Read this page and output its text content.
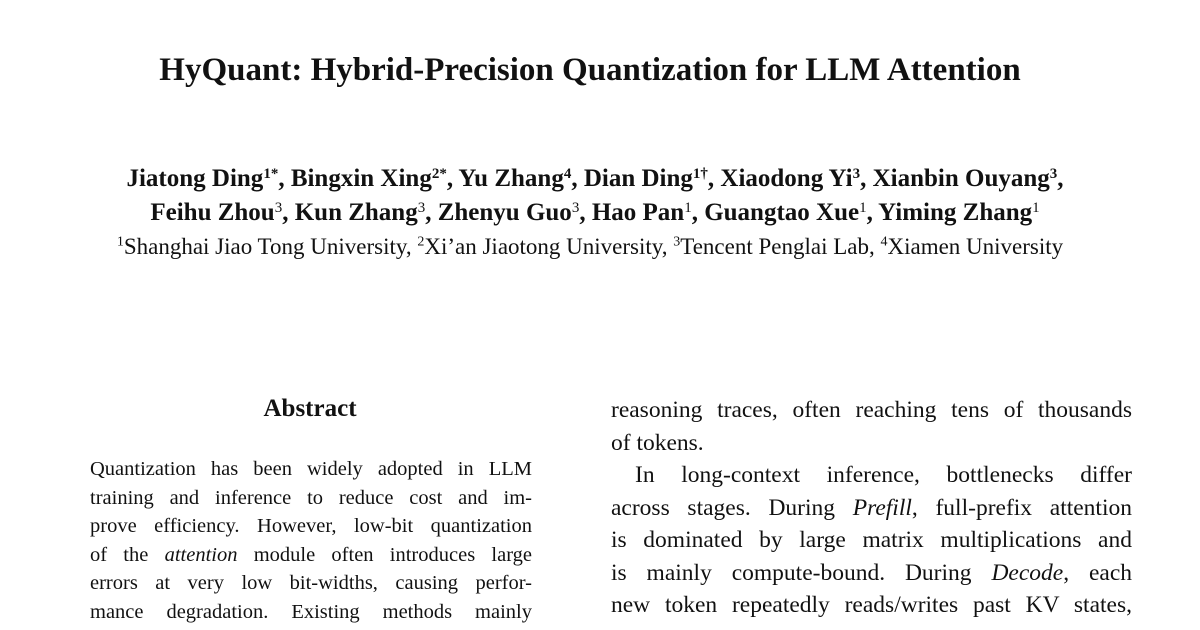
HyQuant: Hybrid-Precision Quantization for LLM Attention
Jiatong Ding$^{1*}$, Bingxin Xing$^{2*}$, Yu Zhang$^4$, Dian Ding$^{1\dagger}$, Xiaodong Yi$^3$, Xianbin Ouyang$^3$,
Feihu Zhou$^3$, Kun Zhang$^3$, Zhenyu Guo$^3$, Hao Pan$^1$, Guangtao Xue$^1$, Yiming Zhang$^1$
$^1$Shanghai Jiao Tong University, $^2$Xi’an Jiaotong University, $^3$Tencent Penglai Lab, $^4$Xiamen University
Abstract
Quantization has been widely adopted in LLM
training and inference to reduce cost and im-
prove efficiency. However, low-bit quantization
of the attention module often introduces large
errors at very low bit-widths, causing perfor-
mance degradation. Existing methods mainly
reasoning traces, often reaching tens of thousands
of tokens.
In long-context inference, bottlenecks differ
across stages. During Prefill, full-prefix attention
is dominated by large matrix multiplications and
is mainly compute-bound. During Decode, each
new token repeatedly reads/writes past KV states,
